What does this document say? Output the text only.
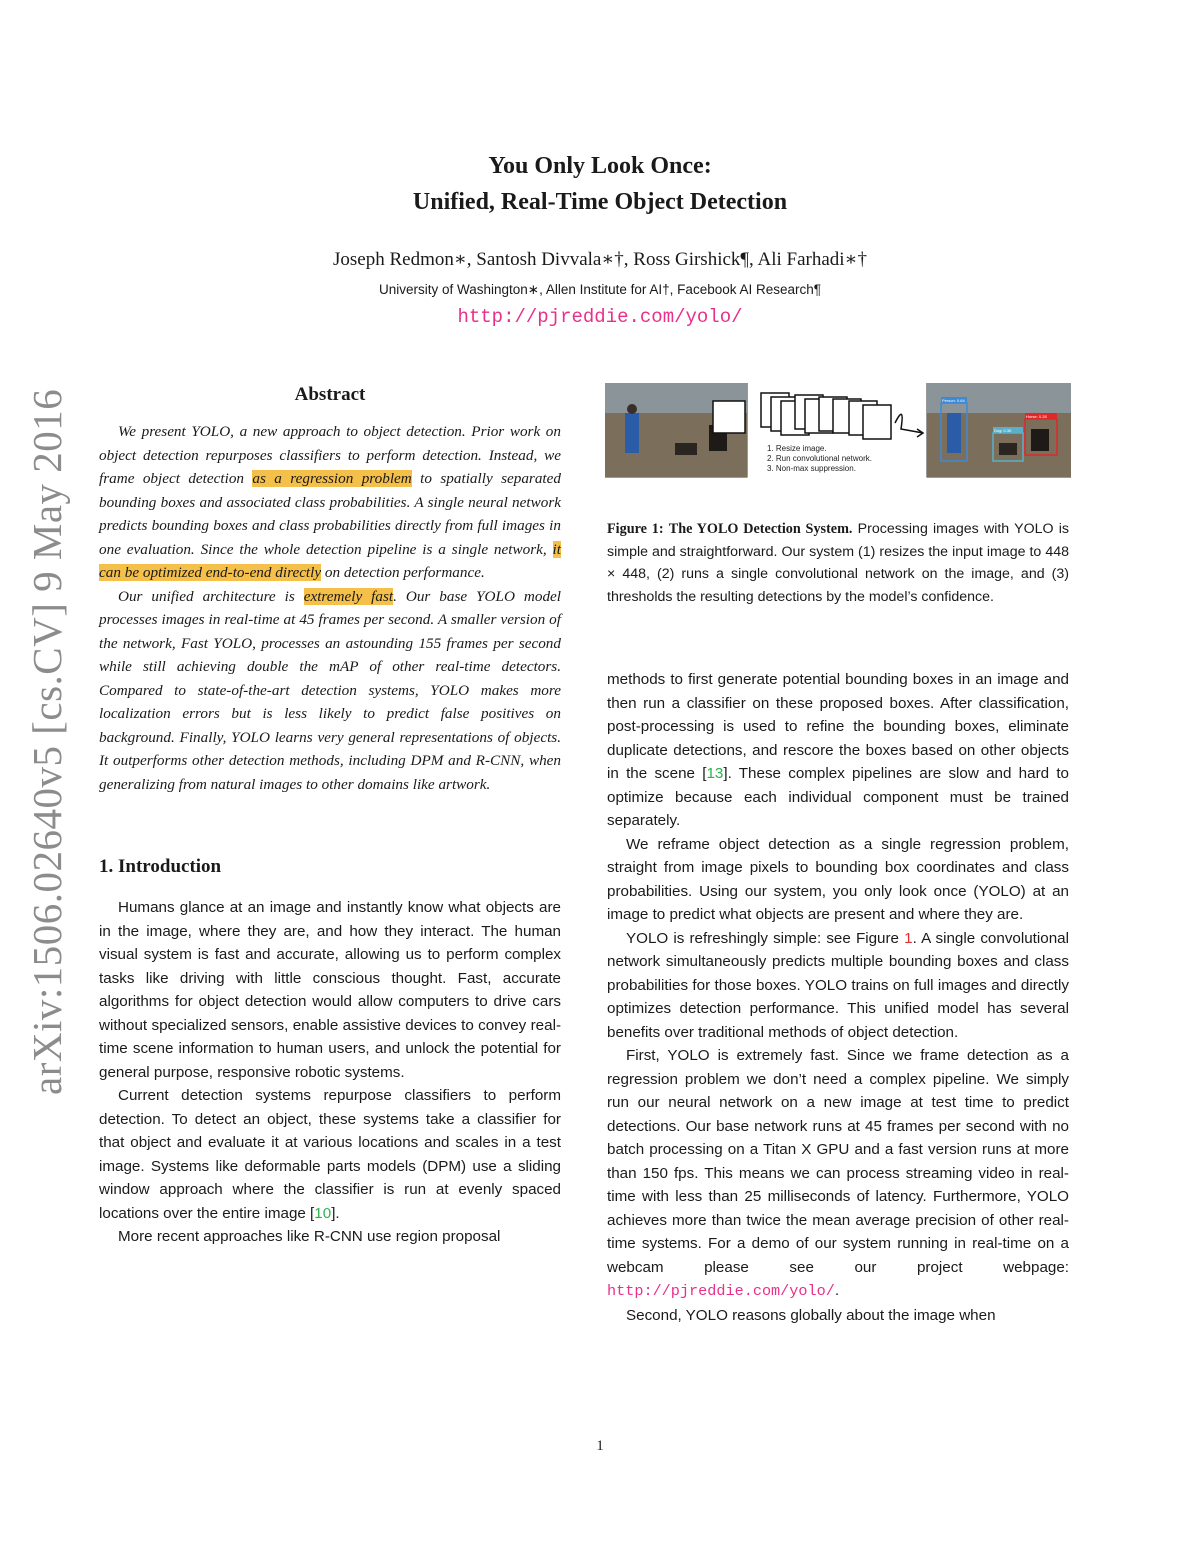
You Only Look Once:
Unified, Real-Time Object Detection
Joseph Redmon∗, Santosh Divvala∗†, Ross Girshick¶, Ali Farhadi∗†
University of Washington∗, Allen Institute for AI†, Facebook AI Research¶
http://pjreddie.com/yolo/
arXiv:1506.02640v5 [cs.CV] 9 May 2016	Abstract

We present YOLO, a new approach to object detection. Prior work on object detection repurposes classifiers to perform detection. Instead, we frame object detection as a regression problem to spatially separated bounding boxes and associated class probabilities. A single neural network predicts bounding boxes and class probabilities directly from full images in one evaluation. Since the whole detection pipeline is a single network, it can be optimized end-to-end directly on detection performance.

Our unified architecture is extremely fast. Our base YOLO model processes images in real-time at 45 frames per second. A smaller version of the network, Fast YOLO, processes an astounding 155 frames per second while still achieving double the mAP of other real-time detectors. Compared to state-of-the-art detection systems, YOLO makes more localization errors but is less likely to predict false positives on background. Finally, YOLO learns very general representations of objects. It outperforms other detection methods, including DPM and R-CNN, when generalizing from natural images to other domains like artwork.

1. Introduction

Humans glance at an image and instantly know what objects are in the image, where they are, and how they interact. The human visual system is fast and accurate, allowing us to perform complex tasks like driving with little conscious thought. Fast, accurate algorithms for object detection would allow computers to drive cars without specialized sensors, enable assistive devices to convey real-time scene information to human users, and unlock the potential for general purpose, responsive robotic systems.

Current detection systems repurpose classifiers to perform detection. To detect an object, these systems take a classifier for that object and evaluate it at various locations and scales in a test image. Systems like deformable parts models (DPM) use a sliding window approach where the classifier is run at evenly spaced locations over the entire image [10].

More recent approaches like R-CNN use region proposal

1. Resize image.
2. Run convolutional network.
3. Non-max suppression.
Person: 0.64
Dog: 0.30
Horse: 0.28
Figure 1: The YOLO Detection System. Processing images with YOLO is simple and straightforward. Our system (1) resizes the input image to 448 × 448, (2) runs a single convolutional network on the image, and (3) thresholds the resulting detections by the model’s confidence.

methods to first generate potential bounding boxes in an image and then run a classifier on these proposed boxes. After classification, post-processing is used to refine the bounding boxes, eliminate duplicate detections, and rescore the boxes based on other objects in the scene [13]. These complex pipelines are slow and hard to optimize because each individual component must be trained separately.

We reframe object detection as a single regression problem, straight from image pixels to bounding box coordinates and class probabilities. Using our system, you only look once (YOLO) at an image to predict what objects are present and where they are.

YOLO is refreshingly simple: see Figure 1. A single convolutional network simultaneously predicts multiple bounding boxes and class probabilities for those boxes. YOLO trains on full images and directly optimizes detection performance. This unified model has several benefits over traditional methods of object detection.

First, YOLO is extremely fast. Since we frame detection as a regression problem we don’t need a complex pipeline. We simply run our neural network on a new image at test time to predict detections. Our base network runs at 45 frames per second with no batch processing on a Titan X GPU and a fast version runs at more than 150 fps. This means we can process streaming video in real-time with less than 25 milliseconds of latency. Furthermore, YOLO achieves more than twice the mean average precision of other real-time systems. For a demo of our system running in real-time on a webcam please see our project webpage: http://pjreddie.com/yolo/.

Second, YOLO reasons globally about the image when

1
